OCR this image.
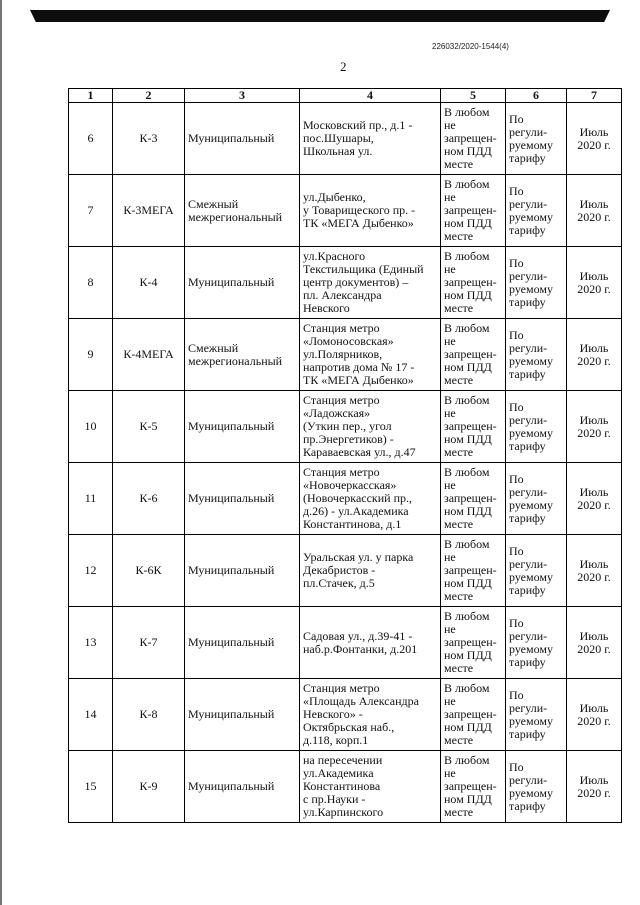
226032/2020-1544(4)
2
1	2	3	4	5	6	7
6	К-3	Муниципальный	Московский пр., д.1 -
пос.Шушары,
Школьная ул.	В любом
не
запрещен-
ном ПДД
месте	По
регули-
руемому
тарифу	Июль
2020 г.
7	К-3МЕГА	Смежный
межрегиональный	ул.Дыбенко,
у Товарищеского пр. -
ТК «МЕГА Дыбенко»	В любом
не
запрещен-
ном ПДД
месте	По
регули-
руемому
тарифу	Июль
2020 г.
8	К-4	Муниципальный	ул.Красного
Текстильщика (Единый
центр документов) –
пл. Александра
Невского	В любом
не
запрещен-
ном ПДД
месте	По
регули-
руемому
тарифу	Июль
2020 г.
9	К-4МЕГА	Смежный
межрегиональный	Станция метро
«Ломоносовская»
ул.Полярников,
напротив дома № 17 -
ТК «МЕГА Дыбенко»	В любом
не
запрещен-
ном ПДД
месте	По
регули-
руемому
тарифу	Июль
2020 г.
10	К-5	Муниципальный	Станция метро
«Ладожская»
(Уткин пер., угол
пр.Энергетиков) -
Караваевская ул., д.47	В любом
не
запрещен-
ном ПДД
месте	По
регули-
руемому
тарифу	Июль
2020 г.
11	К-6	Муниципальный	Станция метро
«Новочеркасская»
(Новочеркасский пр.,
д.26) - ул.Академика
Константинова, д.1	В любом
не
запрещен-
ном ПДД
месте	По
регули-
руемому
тарифу	Июль
2020 г.
12	К-6К	Муниципальный	Уральская ул. у парка
Декабристов -
пл.Стачек, д.5	В любом
не
запрещен-
ном ПДД
месте	По
регули-
руемому
тарифу	Июль
2020 г.
13	К-7	Муниципальный	Садовая ул., д.39-41 -
наб.р.Фонтанки, д.201	В любом
не
запрещен-
ном ПДД
месте	По
регули-
руемому
тарифу	Июль
2020 г.
14	К-8	Муниципальный	Станция метро
«Площадь Александра
Невского» -
Октябрьская наб.,
д.118, корп.1	В любом
не
запрещен-
ном ПДД
месте	По
регули-
руемому
тарифу	Июль
2020 г.
15	К-9	Муниципальный	на пересечении
ул.Академика
Константинова
с пр.Науки -
ул.Карпинского	В любом
не
запрещен-
ном ПДД
месте	По
регули-
руемому
тарифу	Июль
2020 г.
